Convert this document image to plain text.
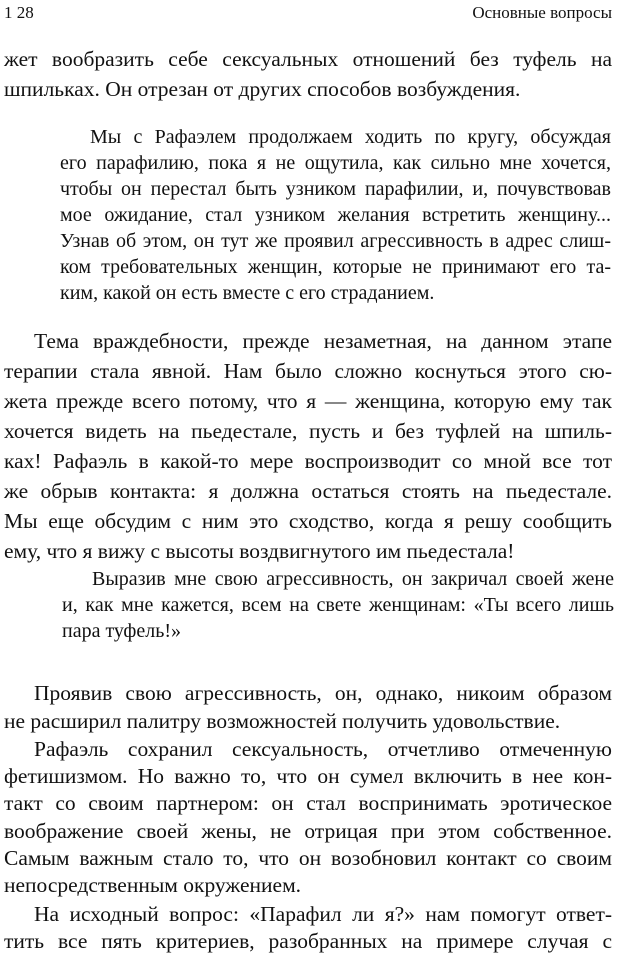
1 28	Основные вопросы

жет вообразить себе сексуальных отношений без туфель на

шпильках. Он отрезан от других способов возбуждения.

Мы с Рафаэлем продолжаем ходить по кругу, обсуждая

его парафилию, пока я не ощутила, как сильно мне хочется,

чтобы он перестал быть узником парафилии, и, почувствовав

мое ожидание, стал узником желания встретить женщину...

Узнав об этом, он тут же проявил агрессивность в адрес слиш-

ком требовательных женщин, которые не принимают его та-

ким, какой он есть вместе с его страданием.

Тема враждебности, прежде незаметная, на данном этапе

терапии стала явной. Нам было сложно коснуться этого сю-

жета прежде всего потому, что я — женщина, которую ему так

хочется видеть на пьедестале, пусть и без туфлей на шпиль-

ках! Рафаэль в какой-то мере воспроизводит со мной все тот

же обрыв контакта: я должна остаться стоять на пьедестале.

Мы еще обсудим с ним это сходство, когда я решу сообщить

ему, что я вижу с высоты воздвигнутого им пьедестала!

Выразив мне свою агрессивность, он закричал своей жене

и, как мне кажется, всем на свете женщинам: «Ты всего лишь

пара туфель!»

Проявив свою агрессивность, он, однако, никоим образом

не расширил палитру возможностей получить удовольствие.

Рафаэль сохранил сексуальность, отчетливо отмеченную

фетишизмом. Но важно то, что он сумел включить в нее кон-

такт со своим партнером: он стал воспринимать эротическое

воображение своей жены, не отрицая при этом собственное.

Самым важным стало то, что он возобновил контакт со своим

непосредственным окружением.

На исходный вопрос: «Парафил ли я?» нам помогут ответ-

тить все пять критериев, разобранных на примере случая с
